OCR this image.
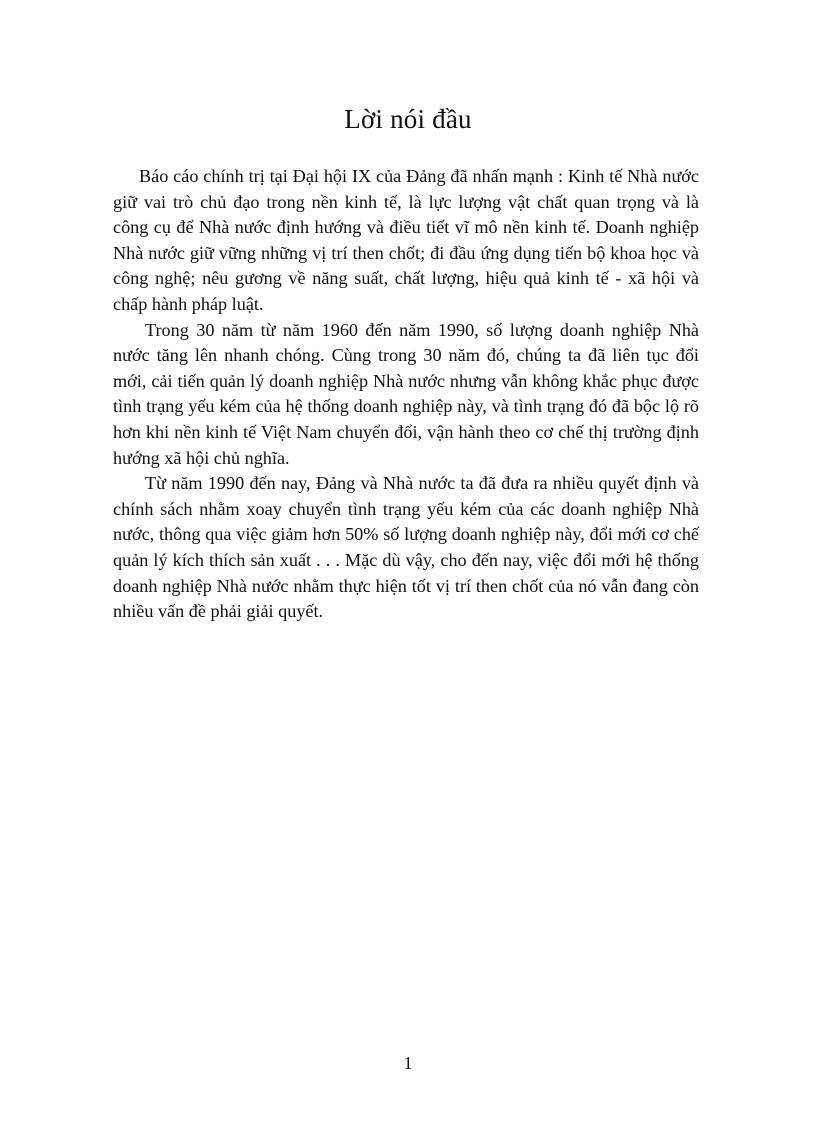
Lời nói đầu

Báo cáo chính trị tại Đại hội IX của Đảng đã nhấn mạnh : Kinh tế Nhà nước giữ vai trò chủ đạo trong nền kinh tế, là lực lượng vật chất quan trọng và là công cụ để Nhà nước định hướng và điều tiết vĩ mô nền kinh tế. Doanh nghiệp Nhà nước giữ vững những vị trí then chốt; đi đầu ứng dụng tiến bộ khoa học và công nghệ; nêu gương về năng suất, chất lượng, hiệu quả kinh tế - xã hội và chấp hành pháp luật.

Trong 30 năm từ năm 1960 đến năm 1990, số lượng doanh nghiệp Nhà nước tăng lên nhanh chóng. Cùng trong 30 năm đó, chúng ta đã liên tục đổi mới, cải tiến quản lý doanh nghiệp Nhà nước nhưng vẫn không khắc phục được tình trạng yếu kém của hệ thống doanh nghiệp này, và tình trạng đó đã bộc lộ rõ hơn khi nền kinh tế Việt Nam chuyển đổi, vận hành theo cơ chế thị trường định hướng xã hội chủ nghĩa.

Từ năm 1990 đến nay, Đảng và Nhà nước ta đã đưa ra nhiều quyết định và chính sách nhằm xoay chuyển tình trạng yếu kém của các doanh nghiệp Nhà nước, thông qua việc giảm hơn 50% số lượng doanh nghiệp này, đổi mới cơ chế quản lý kích thích sản xuất . . . Mặc dù vậy, cho đến nay, việc đổi mới hệ thống doanh nghiệp Nhà nước nhằm thực hiện tốt vị trí then chốt của nó vẫn đang còn nhiều vấn đề phải giải quyết.

1
